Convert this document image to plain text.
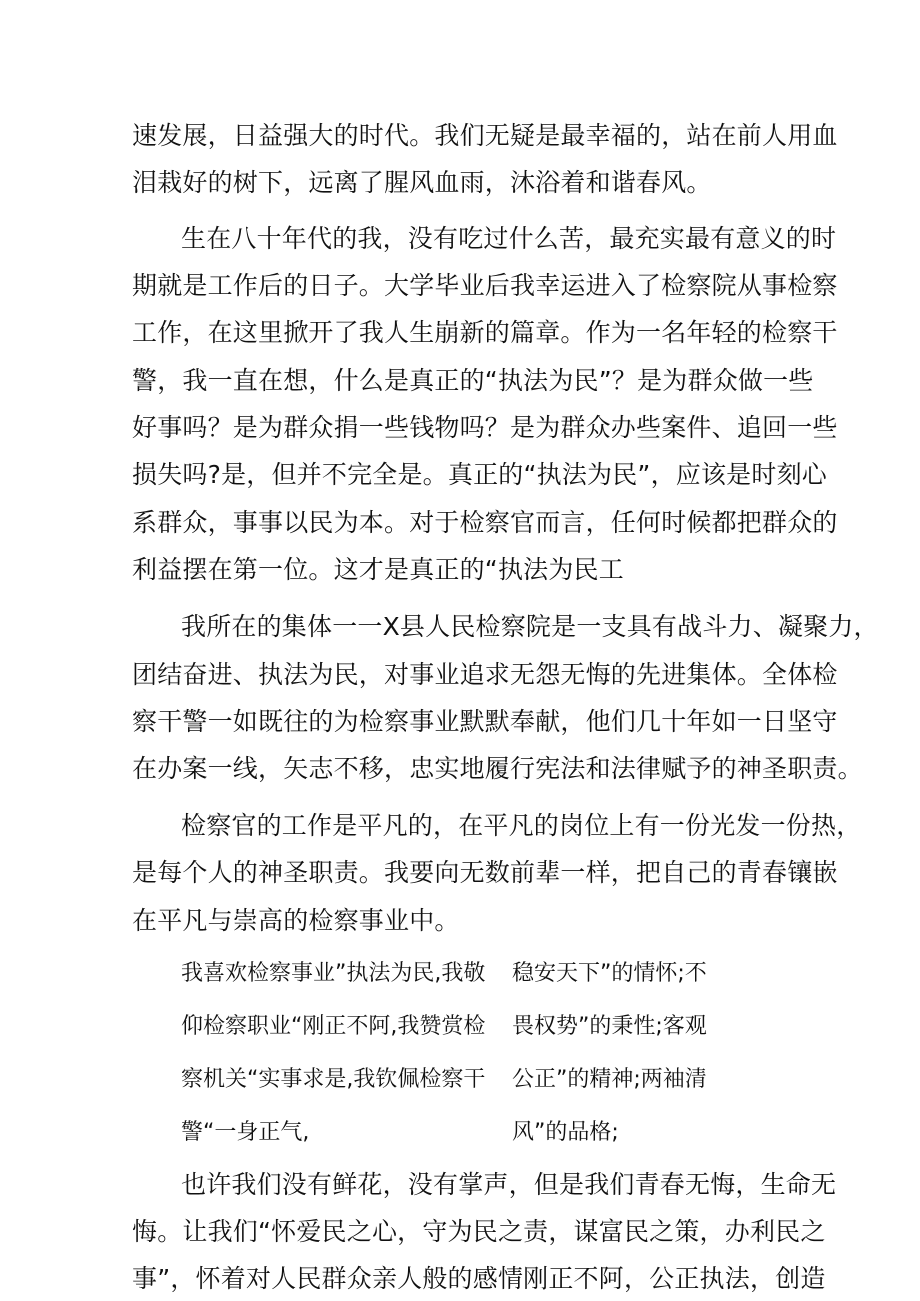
速发展，日益强大的时代。我们无疑是最幸福的，站在前人用血
泪栽好的树下，远离了腥风血雨，沐浴着和谐春风。
生在八十年代的我，没有吃过什么苦，最充实最有意义的时
期就是工作后的日子。大学毕业后我幸运进入了检察院从事检察
工作，在这里掀开了我人生崩新的篇章。作为一名年轻的检察干
警，我一直在想，什么是真正的“执法为民”？是为群众做一些
好事吗？是为群众捐一些钱物吗？是为群众办些案件、追回一些
损失吗?是，但并不完全是。真正的“执法为民”，应该是时刻心
系群众，事事以民为本。对于检察官而言，任何时候都把群众的
利益摆在第一位。这才是真正的“执法为民工
我所在的集体一一X县人民检察院是一支具有战斗力、凝聚力，
团结奋进、执法为民，对事业追求无怨无悔的先进集体。全体检
察干警一如既往的为检察事业默默奉献，他们几十年如一日坚守
在办案一线，矢志不移，忠实地履行宪法和法律赋予的神圣职责。
检察官的工作是平凡的，在平凡的岗位上有一份光发一份热，
是每个人的神圣职责。我要向无数前辈一样，把自己的青春镶嵌
在平凡与崇高的检察事业中。
我喜欢检察事业”执法为民,我敬 稳安天下”的情怀;不
仰检察职业“刚正不阿,我赞赏检 畏权势”的秉性;客观
察机关“实事求是,我钦佩检察干 公正”的精神;两袖清
警“一身正气,	风”的品格;
也许我们没有鲜花，没有掌声，但是我们青春无悔，生命无
悔。让我们“怀爱民之心，守为民之责，谋富民之策，办利民之
事”，怀着对人民群众亲人般的感情刚正不阿，公正执法，创造
